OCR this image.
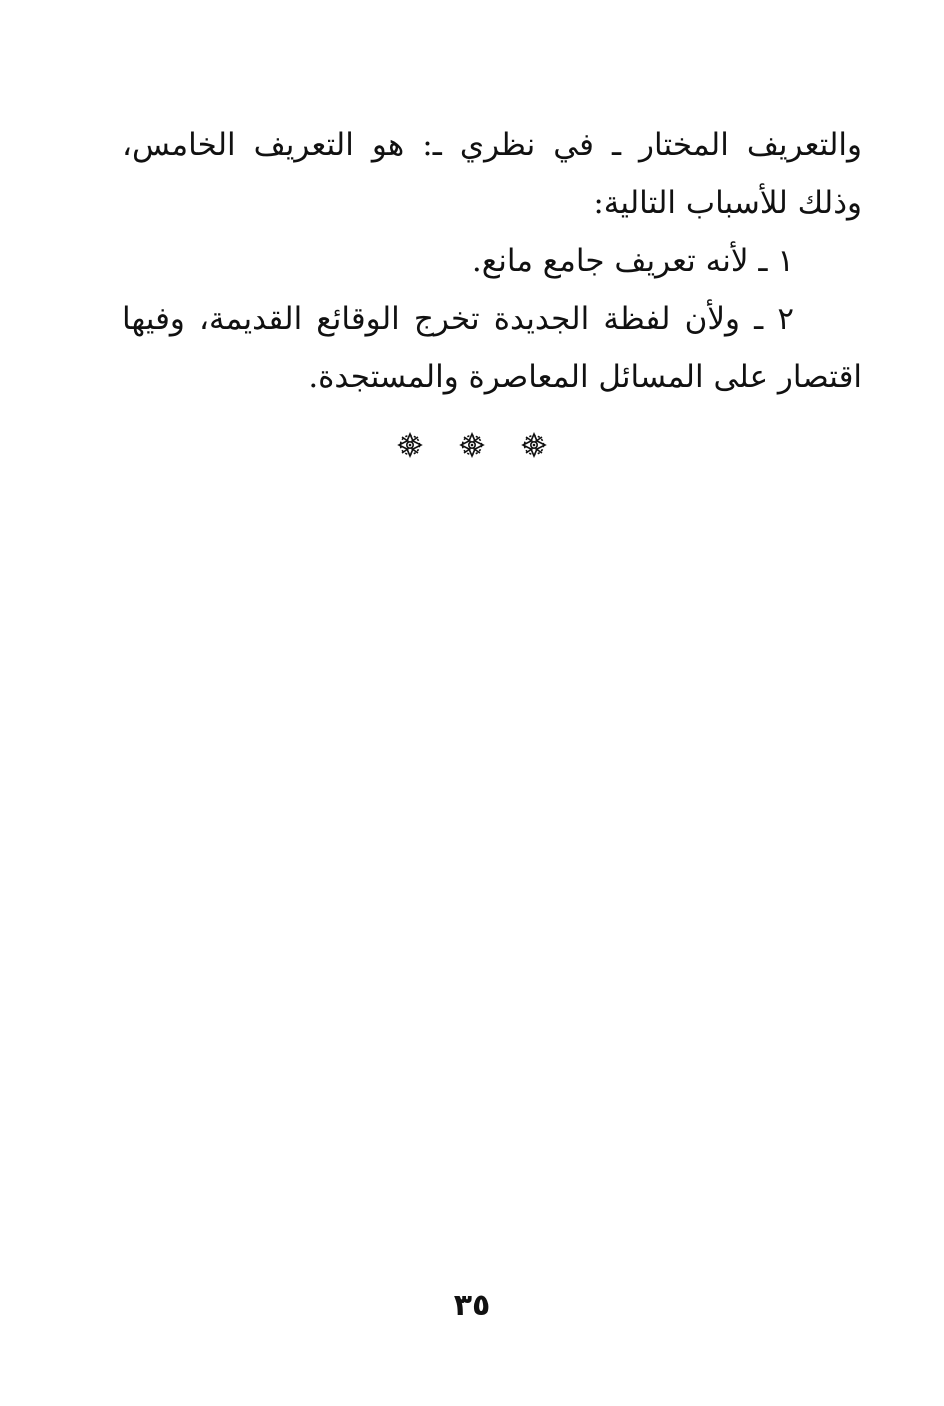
والتعريف المختار ـ في نظري ـ: هو التعريف الخامس، وذلك للأسباب التالية:

١ ـ لأنه تعريف جامع مانع.

٢ ـ ولأن لفظة الجديدة تخرج الوقائع القديمة، وفيها اقتصار على المسائل المعاصرة والمستجدة.

٣٥
